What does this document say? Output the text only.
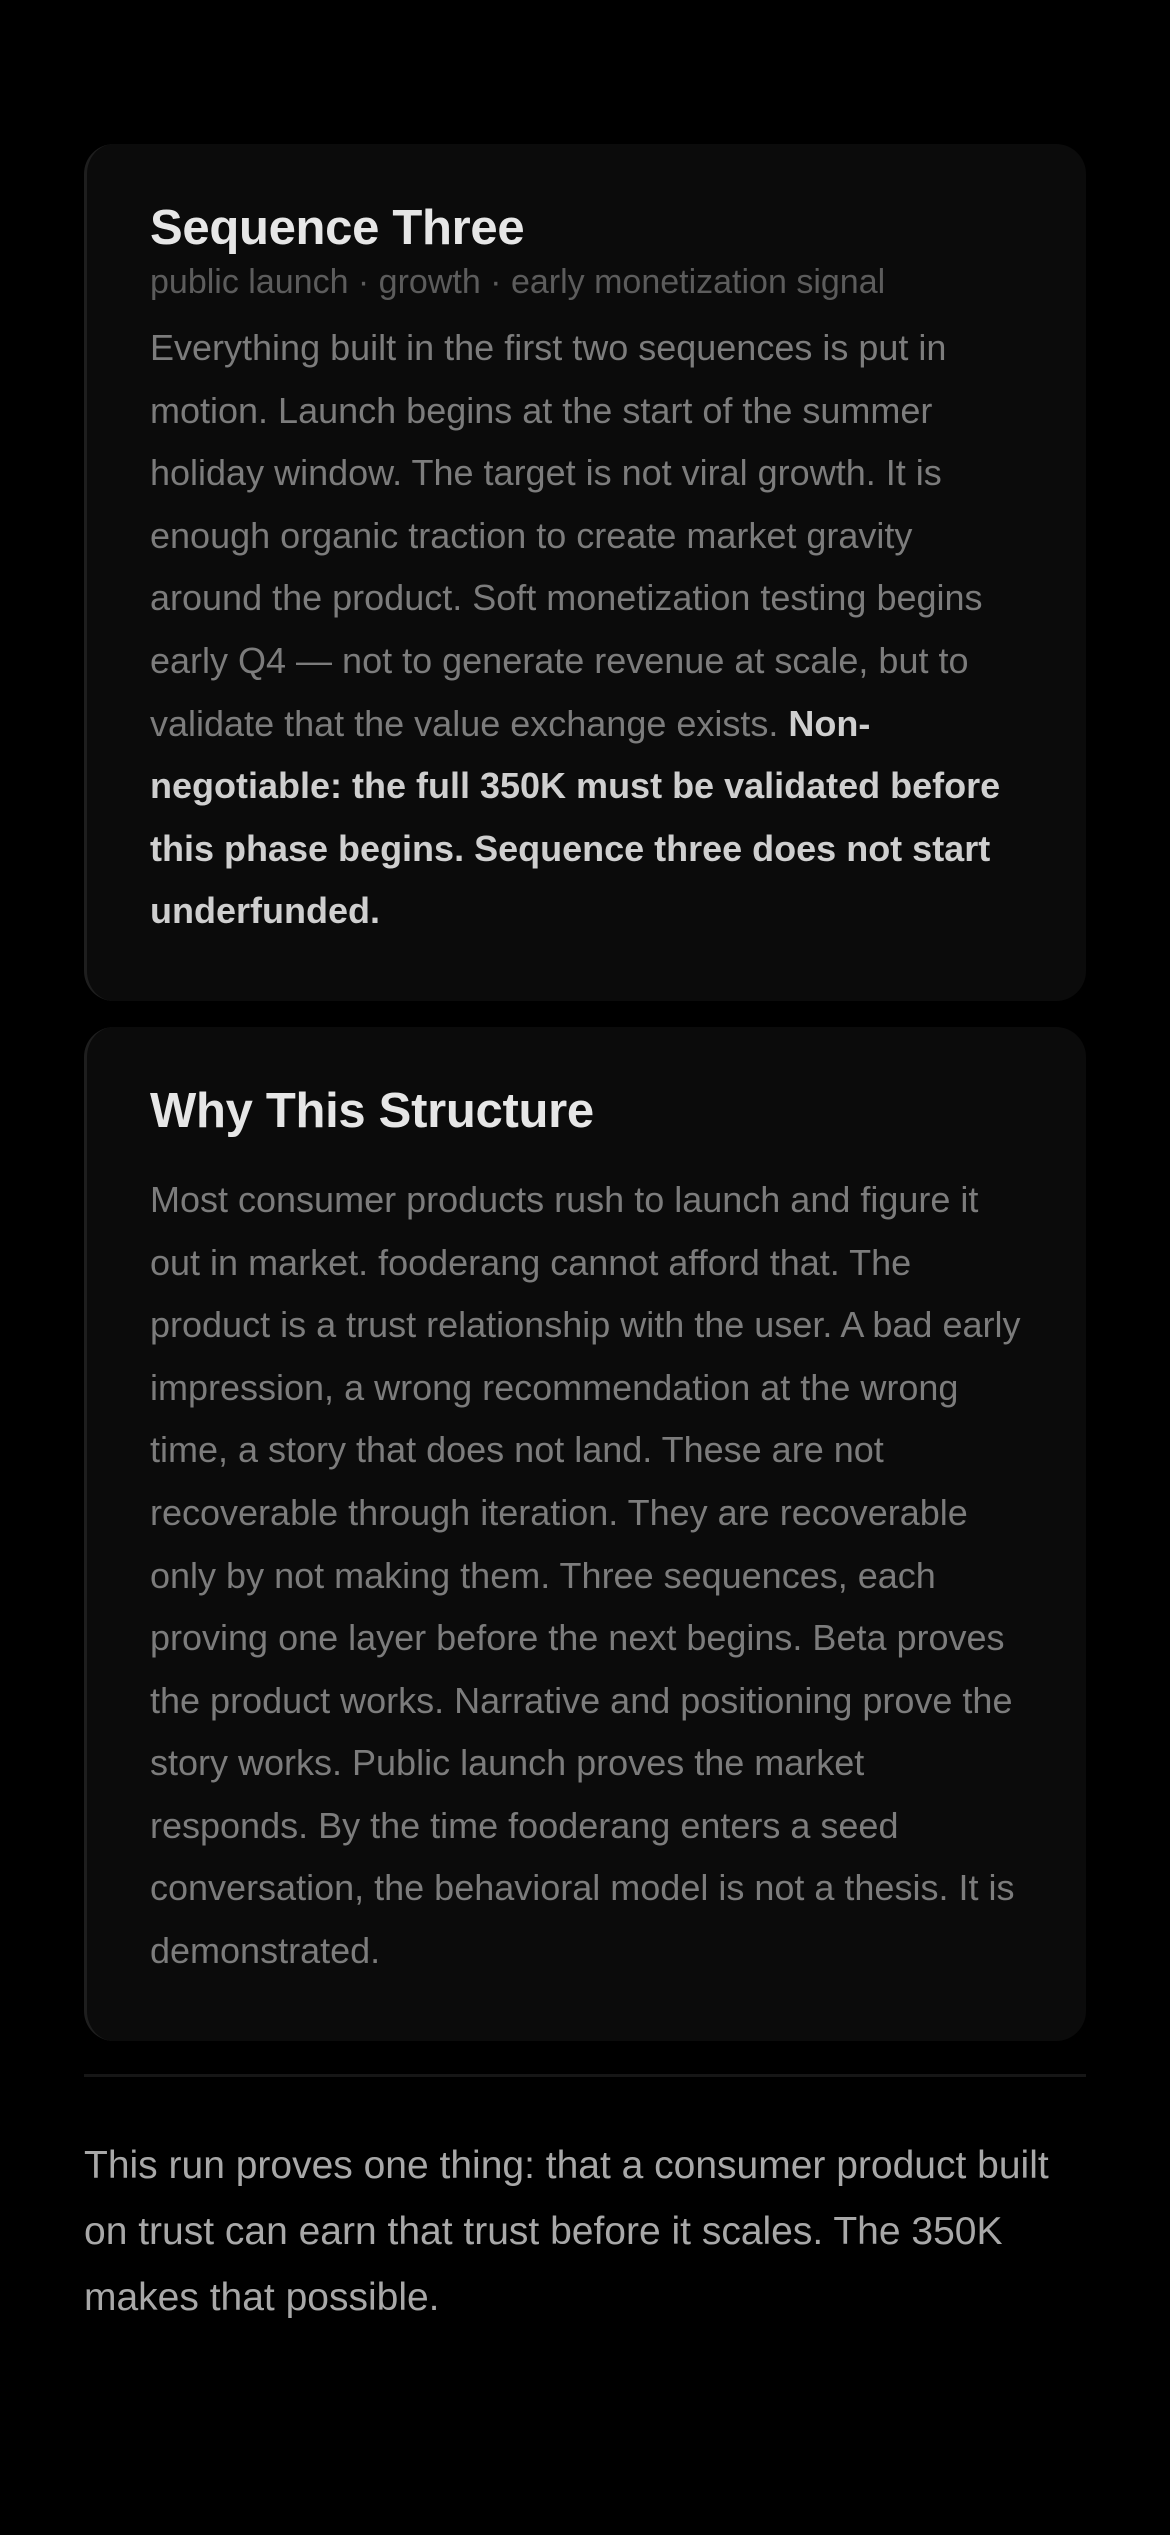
Sequence Three

public launch · growth · early monetization signal

Everything built in the first two sequences is put in motion. Launch begins at the start of the summer holiday window. The target is not viral growth. It is enough organic traction to create market gravity around the product. Soft monetization testing begins early Q4 — not to generate revenue at scale, but to validate that the value exchange exists. Non-negotiable: the full 350K must be validated before this phase begins. Sequence three does not start underfunded.

Why This Structure

Most consumer products rush to launch and figure it out in market. fooderang cannot afford that. The product is a trust relationship with the user. A bad early impression, a wrong recommendation at the wrong time, a story that does not land. These are not recoverable through iteration. They are recoverable only by not making them. Three sequences, each proving one layer before the next begins. Beta proves the product works. Narrative and positioning prove the story works. Public launch proves the market responds. By the time fooderang enters a seed conversation, the behavioral model is not a thesis. It is demonstrated.

This run proves one thing: that a consumer product built on trust can earn that trust before it scales. The 350K makes that possible.
